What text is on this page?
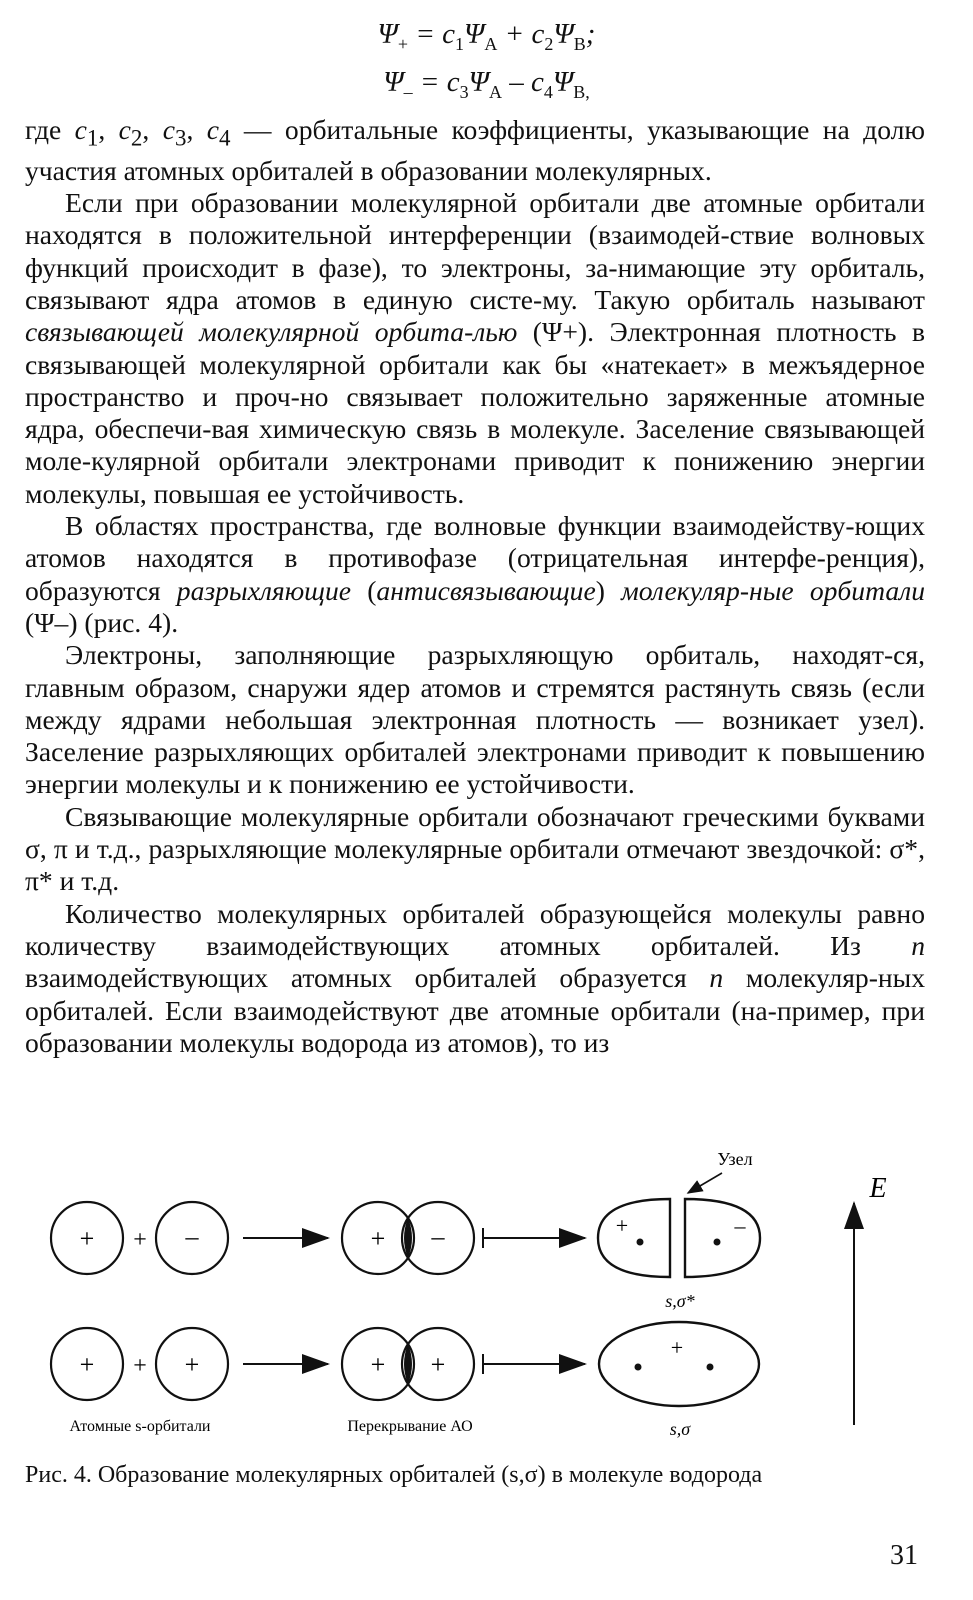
$\Psi_+ = c_1\Psi_A + c_2\Psi_B$;
$\Psi_- = c_3\Psi_A - c_4\Psi_{B,}$

где $c_1$, $c_2$, $c_3$, $c_4$ — орбитальные коэффициенты, указывающие на долю участия атомных орбиталей в образовании молекулярных.

Если при образовании молекулярной орбитали две атомные орбитали находятся в положительной интерференции (взаимодей-ствие волновых функций происходит в фазе), то электроны, за-нимающие эту орбиталь, связывают ядра атомов в единую систе-му. Такую орбиталь называют связывающей молекулярной орбита-лью (Ψ+). Электронная плотность в связывающей молекулярной орбитали как бы «натекает» в межъядерное пространство и проч-но связывает положительно заряженные атомные ядра, обеспечи-вая химическую связь в молекуле. Заселение связывающей моле-кулярной орбитали электронами приводит к понижению энергии молекулы, повышая ее устойчивость.

В областях пространства, где волновые функции взаимодейству-ющих атомов находятся в противофазе (отрицательная интерфе-ренция), образуются разрыхляющие (антисвязывающие) молекуляр-ные орбитали (Ψ–) (рис. 4).

Электроны, заполняющие разрыхляющую орбиталь, находят-ся, главным образом, снаружи ядер атомов и стремятся растянуть связь (если между ядрами небольшая электронная плотность — возникает узел). Заселение разрыхляющих орбиталей электронами приводит к повышению энергии молекулы и к понижению ее устойчивости.

Связывающие молекулярные орбитали обозначают греческими буквами σ, π и т.д., разрыхляющие молекулярные орбитали отмечают звездочкой: σ*, π* и т.д.

Количество молекулярных орбиталей образующейся молекулы равно количеству взаимодействующих атомных орбиталей. Из n взаимодействующих атомных орбиталей образуется n молекуляр-ных орбиталей. Если взаимодействуют две атомные орбитали (на-пример, при образовании молекулы водорода из атомов), то из

+ + –	+ –	+	–
Узел
s,σ*
+ + +	+ +
+
s,σ
Атомные s-орбитали	Перекрывание АО
E
Рис. 4. Образование молекулярных орбиталей (s,σ) в молекуле водорода
31
